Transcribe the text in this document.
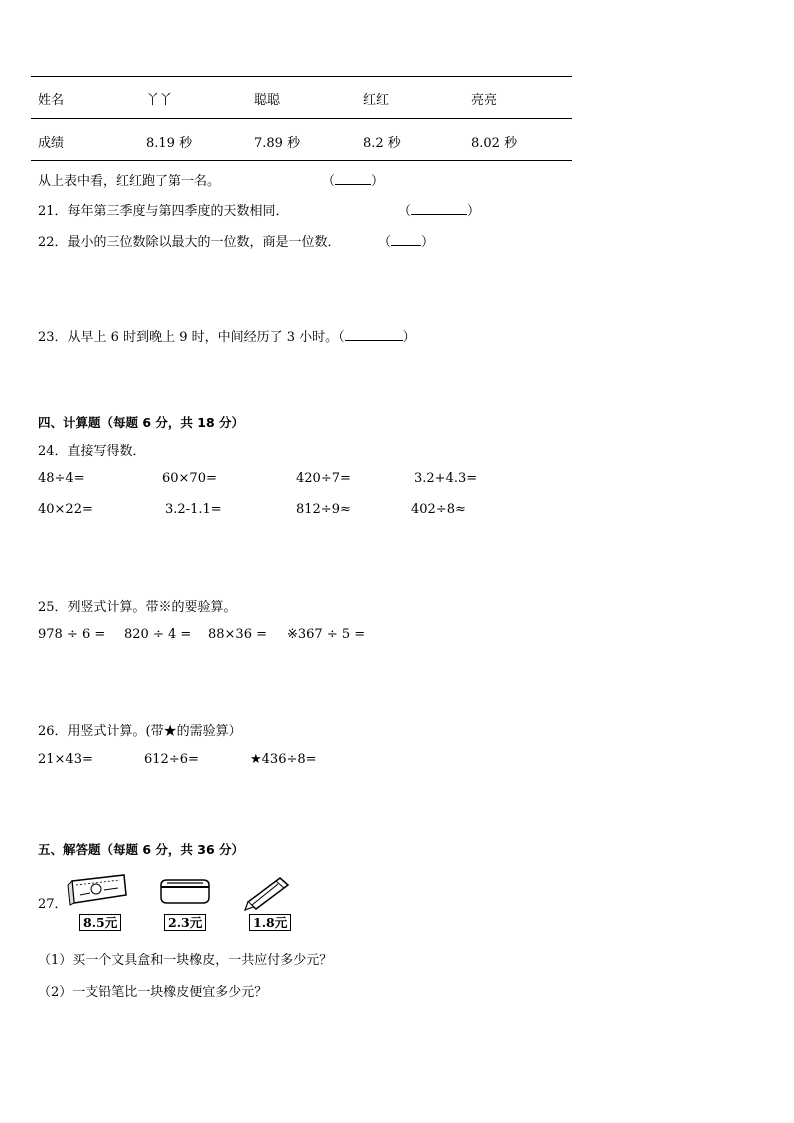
姓名	丫丫	聪聪	红红	亮亮
成绩	8.19 秒	7.89 秒	8.2 秒	8.02 秒
从上表中看，红红跑了第一名。	（	）
21．每年第三季度与第四季度的天数相同．	（	）
22．最小的三位数除以最大的一位数，商是一位数．	（ ）
23．从早上 6 时到晚上 9 时，中间经历了 3 小时。（	）
四、计算题（每题 6 分，共 18 分）
24．直接写得数．
48÷4=	60×70=	420÷7=	3.2+4.3=
40×22=	3.2-1.1=	812÷9≈	402÷8≈
25．列竖式计算。带※的要验算。
978 ÷ 6 = 820 ÷ 4 = 88×36 = ※367 ÷ 5 =
26．用竖式计算。(带★的需验算）
21×43=	612÷6=	★436÷8=
五、解答题（每题 6 分，共 36 分）
27．
8.5元	2.3元	1.8元
（1）买一个文具盒和一块橡皮，一共应付多少元？
（2）一支铅笔比一块橡皮便宜多少元？
